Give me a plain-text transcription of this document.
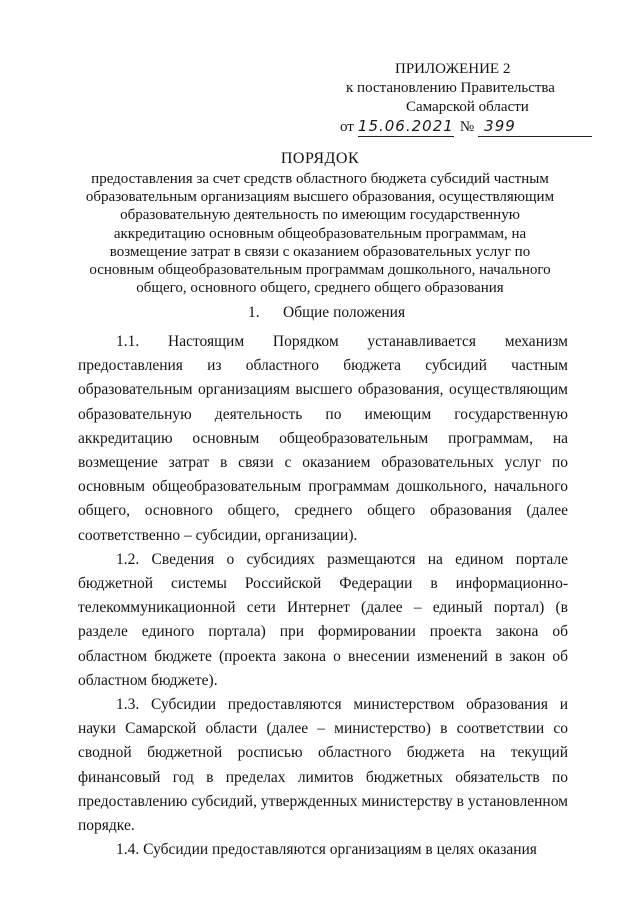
ПРИЛОЖЕНИЕ 2
к постановлению Правительства
Самарской области
от 15.06.2021 № 399
ПОРЯДОК
предоставления за счет средств областного бюджета субсидий частным
образовательным организациям высшего образования, осуществляющим
образовательную деятельность по имеющим государственную
аккредитацию основным общеобразовательным программам, на
возмещение затрат в связи с оказанием образовательных услуг по
основным общеобразовательным программам дошкольного, начального
общего, основного общего, среднего общего образования
1. Общие положения

1.1. Настоящим Порядком устанавливается механизм предоставления из областного бюджета субсидий частным образовательным организациям высшего образования, осуществляющим образовательную деятельность по имеющим государственную аккредитацию основным общеобразовательным программам, на возмещение затрат в связи с оказанием образовательных услуг по основным общеобразовательным программам дошкольного, начального общего, основного общего, среднего общего образования (далее соответственно – субсидии, организации).

1.2. Сведения о субсидиях размещаются на едином портале бюджетной системы Российской Федерации в информационно-телекоммуникационной сети Интернет (далее – единый портал) (в разделе единого портала) при формировании проекта закона об областном бюджете (проекта закона о внесении изменений в закон об областном бюджете).

1.3. Субсидии предоставляются министерством образования и науки Самарской области (далее – министерство) в соответствии со сводной бюджетной росписью областного бюджета на текущий финансовый год в пределах лимитов бюджетных обязательств по предоставлению субсидий, утвержденных министерству в установленном порядке.

1.4. Субсидии предоставляются организациям в целях оказания
